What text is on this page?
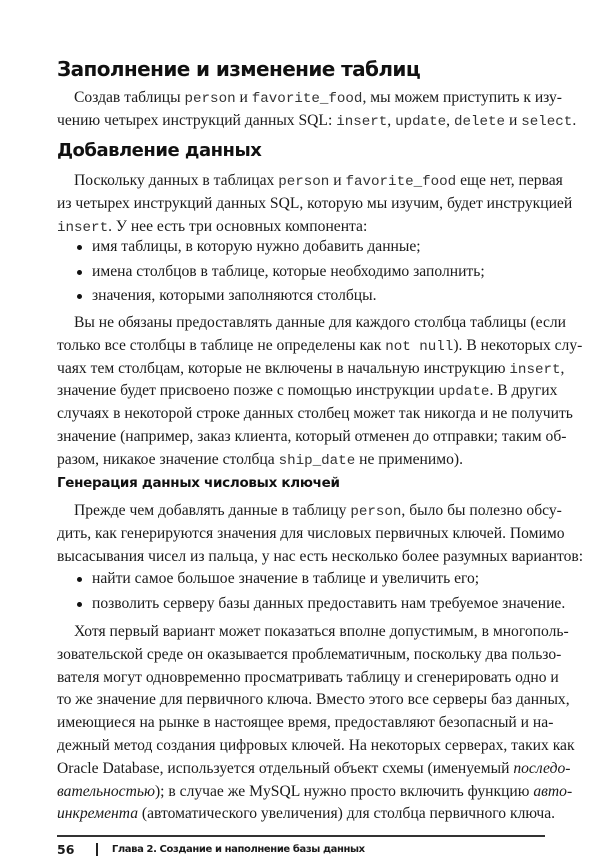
Заполнение и изменение таблиц
Создав таблицы person и favorite_food, мы можем приступить к изу-
чению четырех инструкций данных SQL: insert, update, delete и select.
Добавление данных
Поскольку данных в таблицах person и favorite_food еще нет, первая
из четырех инструкций данных SQL, которую мы изучим, будет инструкцией
insert. У нее есть три основных компонента:
имя таблицы, в которую нужно добавить данные;
имена столбцов в таблице, которые необходимо заполнить;
значения, которыми заполняются столбцы.
Вы не обязаны предоставлять данные для каждого столбца таблицы (если
только все столбцы в таблице не определены как not null). В некоторых слу-
чаях тем столбцам, которые не включены в начальную инструкцию insert,
значение будет присвоено позже с помощью инструкции update. В других
случаях в некоторой строке данных столбец может так никогда и не получить
значение (например, заказ клиента, который отменен до отправки; таким об-
разом, никакое значение столбца ship_date не применимо).
Генерация данных числовых ключей
Прежде чем добавлять данные в таблицу person, было бы полезно обсу-
дить, как генерируются значения для числовых первичных ключей. Помимо
высасывания чисел из пальца, у нас есть несколько более разумных вариантов:
найти самое большое значение в таблице и увеличить его;
позволить серверу базы данных предоставить нам требуемое значение.
Хотя первый вариант может показаться вполне допустимым, в многополь-
зовательской среде он оказывается проблематичным, поскольку два пользо-
вателя могут одновременно просматривать таблицу и сгенерировать одно и
то же значение для первичного ключа. Вместо этого все серверы баз данных,
имеющиеся на рынке в настоящее время, предоставляют безопасный и на-
дежный метод создания цифровых ключей. На некоторых серверах, таких как
Oracle Database, используется отдельный объект схемы (именуемый последо-
вательностью); в случае же MySQL нужно просто включить функцию авто-
инкремента (автоматического увеличения) для столбца первичного ключа.
56	Глава 2. Создание и наполнение базы данных
